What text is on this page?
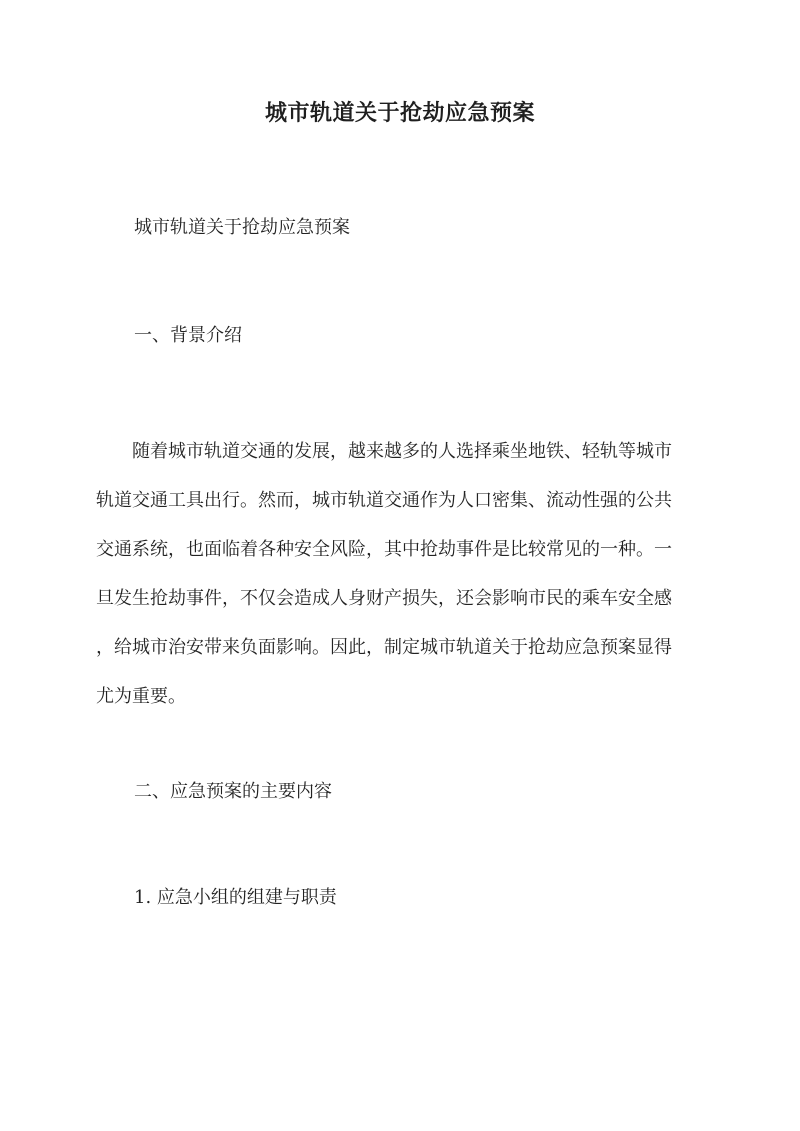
城市轨道关于抢劫应急预案
城市轨道关于抢劫应急预案
一、背景介绍
　　随着城市轨道交通的发展，越来越多的人选择乘坐地铁、轻轨等城市
轨道交通工具出行。然而，城市轨道交通作为人口密集、流动性强的公共
交通系统，也面临着各种安全风险，其中抢劫事件是比较常见的一种。一
旦发生抢劫事件，不仅会造成人身财产损失，还会影响市民的乘车安全感
，给城市治安带来负面影响。因此，制定城市轨道关于抢劫应急预案显得
尤为重要。
二、应急预案的主要内容
1. 应急小组的组建与职责
